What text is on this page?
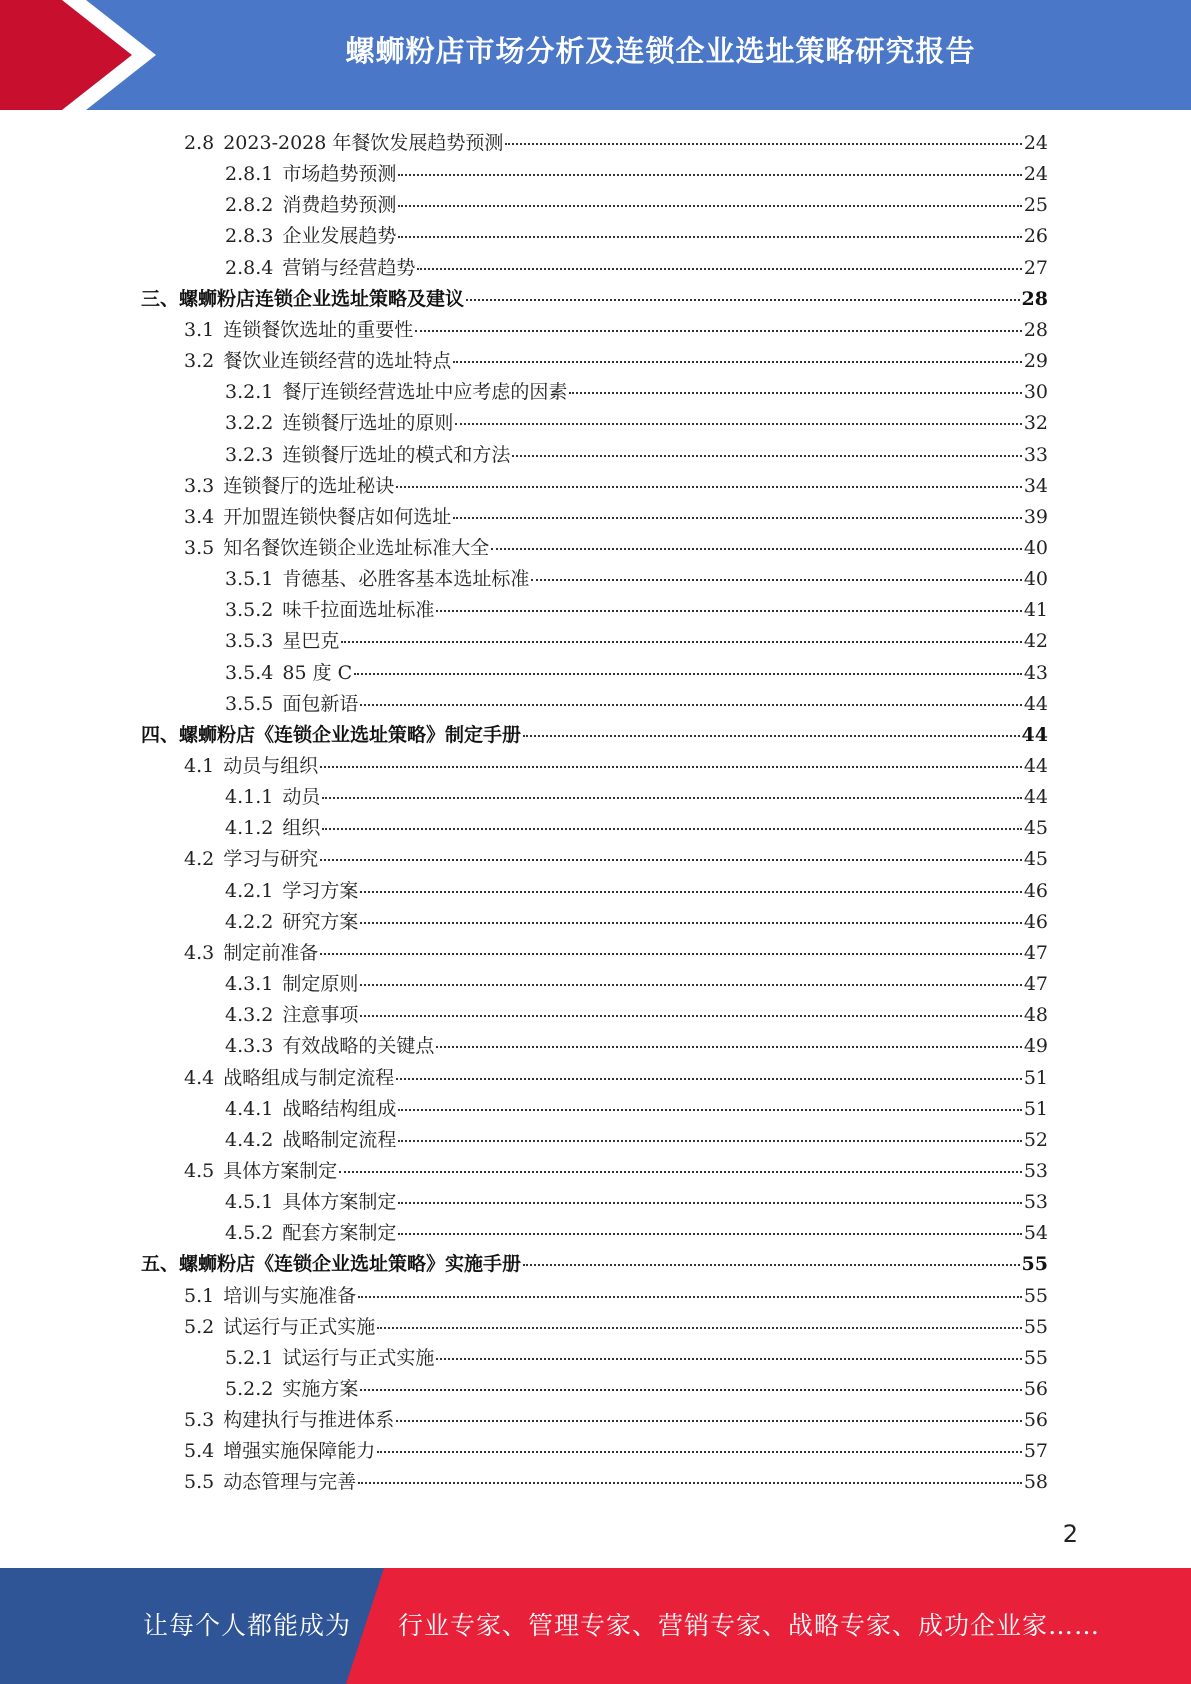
螺蛳粉店市场分析及连锁企业选址策略研究报告
2.8 2023-2028 年餐饮发展趋势预测	24
2.8.1 市场趋势预测	24
2.8.2 消费趋势预测	25
2.8.3 企业发展趋势	26
2.8.4 营销与经营趋势	27
三、 螺蛳粉店连锁企业选址策略及建议	28
3.1 连锁餐饮选址的重要性	28
3.2 餐饮业连锁经营的选址特点	29
3.2.1 餐厅连锁经营选址中应考虑的因素	30
3.2.2 连锁餐厅选址的原则	32
3.2.3 连锁餐厅选址的模式和方法	33
3.3 连锁餐厅的选址秘诀	34
3.4 开加盟连锁快餐店如何选址	39
3.5 知名餐饮连锁企业选址标准大全	40
3.5.1 肯德基、必胜客基本选址标准	40
3.5.2 味千拉面选址标准	41
3.5.3 星巴克	42
3.5.4 85 度 C	43
3.5.5 面包新语	44
四、 螺蛳粉店《连锁企业选址策略》制定手册	44
4.1 动员与组织	44
4.1.1 动员	44
4.1.2 组织	45
4.2 学习与研究	45
4.2.1 学习方案	46
4.2.2 研究方案	46
4.3 制定前准备	47
4.3.1 制定原则	47
4.3.2 注意事项	48
4.3.3 有效战略的关键点	49
4.4 战略组成与制定流程	51
4.4.1 战略结构组成	51
4.4.2 战略制定流程	52
4.5 具体方案制定	53
4.5.1 具体方案制定	53
4.5.2 配套方案制定	54
五、 螺蛳粉店《连锁企业选址策略》实施手册	55
5.1 培训与实施准备	55
5.2 试运行与正式实施	55
5.2.1 试运行与正式实施	55
5.2.2 实施方案	56
5.3 构建执行与推进体系	56
5.4 增强实施保障能力	57
5.5 动态管理与完善	58
2
让每个人都能成为 行业专家、管理专家、营销专家、战略专家、成功企业家……
